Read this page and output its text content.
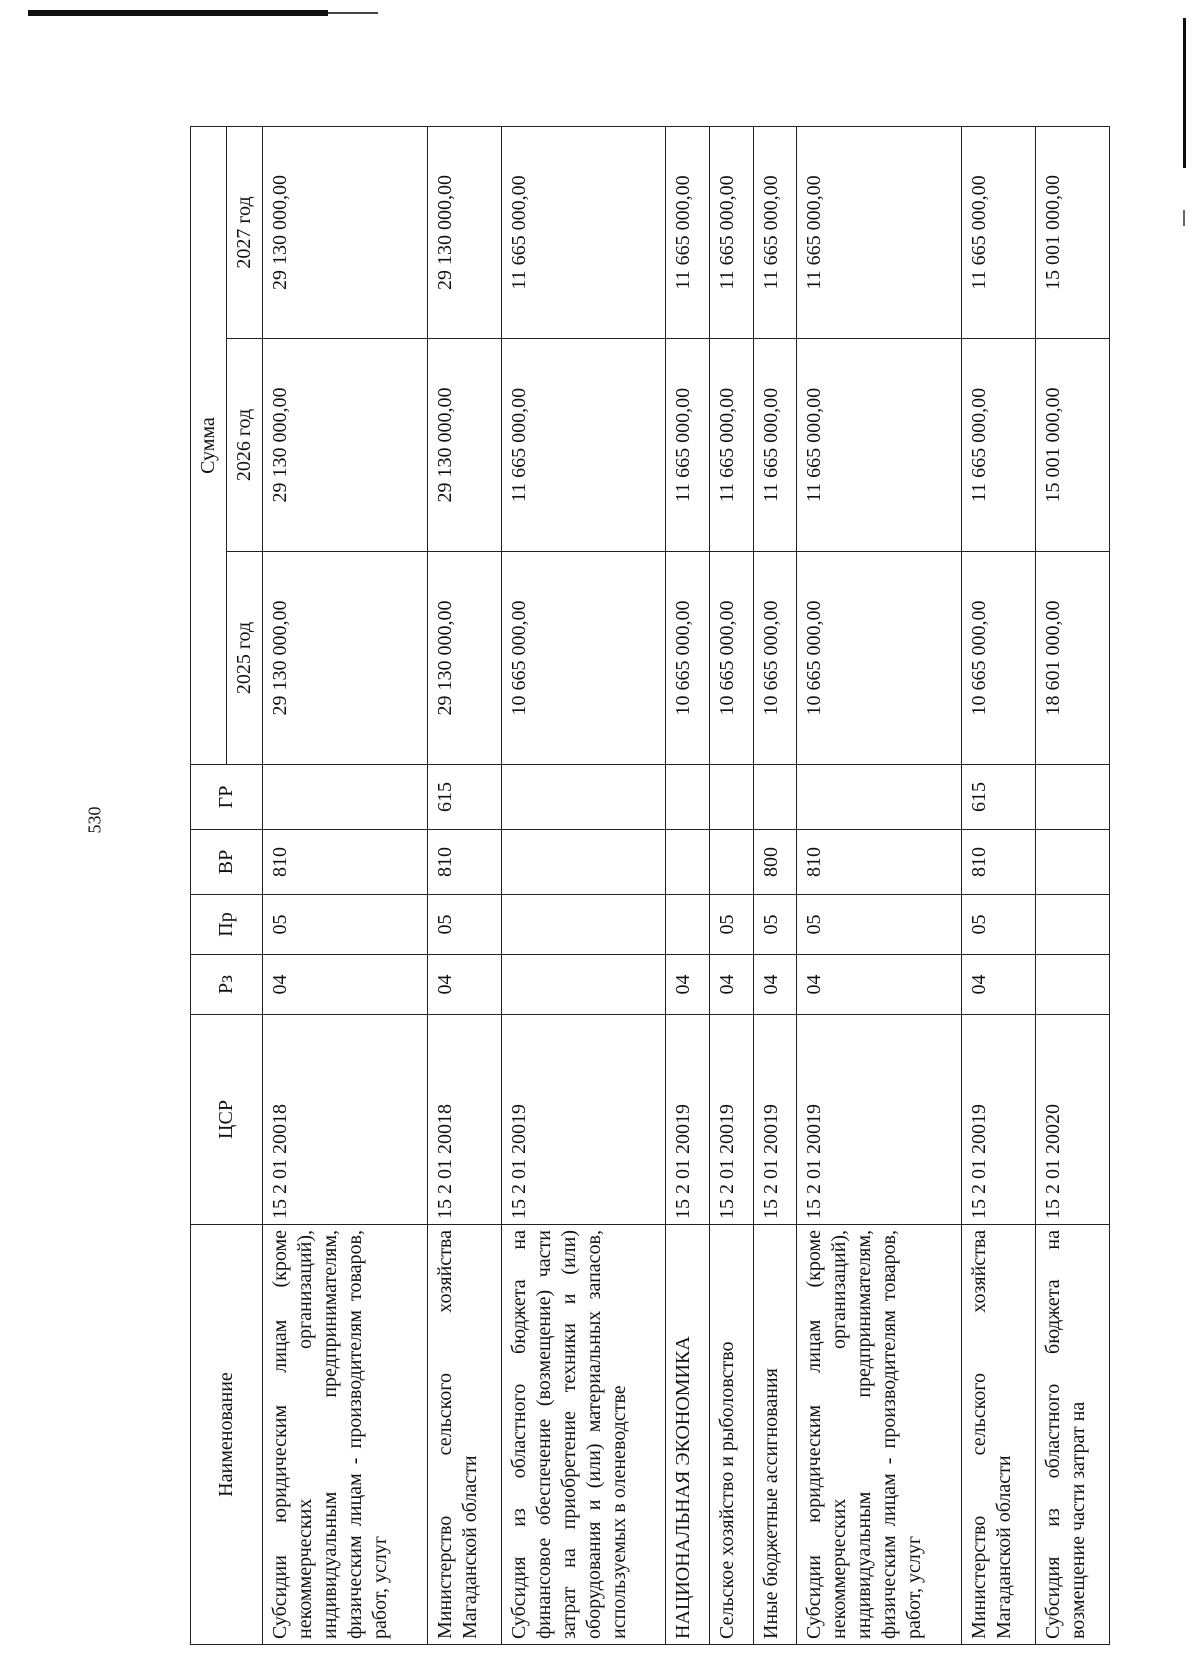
530
Наименование	ЦСР	Рз	Пр	ВР	ГР	Сумма		
						2025 год	2026 год	2027 год
Субсидии юридическим лицам (кроме некоммерческих организаций), индивидуальным предпринимателям, физическим лицам - производителям товаров, работ, услуг	15 2 01 20018	04	05	810		29 130 000,00	29 130 000,00	29 130 000,00
Министерство сельского хозяйства Магаданской области	15 2 01 20018	04	05	810	615	29 130 000,00	29 130 000,00	29 130 000,00
Субсидия из областного бюджета на финансовое обеспечение (возмещение) части затрат на приобретение техники и (или) оборудования и (или) материальных запасов, используемых в оленеводстве	15 2 01 20019					10 665 000,00	11 665 000,00	11 665 000,00
НАЦИОНАЛЬНАЯ ЭКОНОМИКА	15 2 01 20019	04				10 665 000,00	11 665 000,00	11 665 000,00
Сельское хозяйство и рыболовство	15 2 01 20019	04	05			10 665 000,00	11 665 000,00	11 665 000,00
Иные бюджетные ассигнования	15 2 01 20019	04	05	800		10 665 000,00	11 665 000,00	11 665 000,00
Субсидии юридическим лицам (кроме некоммерческих организаций), индивидуальным предпринимателям, физическим лицам - производителям товаров, работ, услуг	15 2 01 20019	04	05	810		10 665 000,00	11 665 000,00	11 665 000,00
Министерство сельского хозяйства Магаданской области	15 2 01 20019	04	05	810	615	10 665 000,00	11 665 000,00	11 665 000,00
Субсидия из областного бюджета на возмещение части затрат на	15 2 01 20020					18 601 000,00	15 001 000,00	15 001 000,00
